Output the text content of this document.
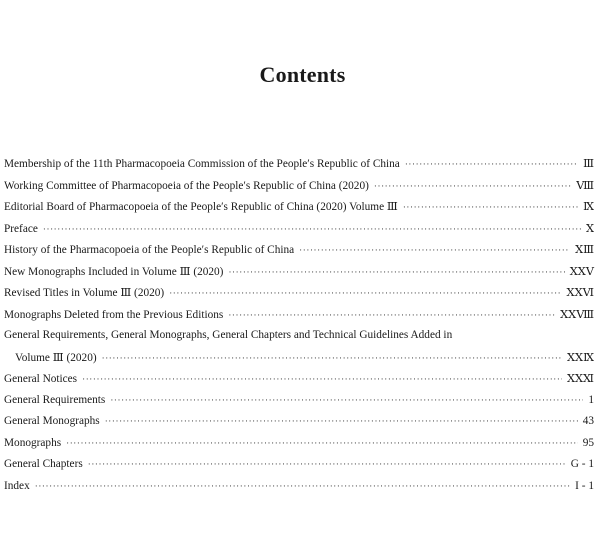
Contents
Membership of the 11th Pharmacopoeia Commission of the People′s Republic of China ·····	Ⅲ
Working Committee of Pharmacopoeia of the People′s Republic of China (2020) ·····	Ⅷ
Editorial Board of Pharmacopoeia of the People′s Republic of China (2020) Volume Ⅲ ·····	Ⅸ
Preface ·····	Ⅹ
History of the Pharmacopoeia of the People′s Republic of China ·····	ⅩⅢ
New Monographs Included in Volume Ⅲ (2020) ·····	ⅩⅩⅤ
Revised Titles in Volume Ⅲ (2020) ·····	ⅩⅩⅥ
Monographs Deleted from the Previous Editions ·····	ⅩⅩⅧ
General Requirements, General Monographs, General Chapters and Technical Guidelines Added in
Volume Ⅲ (2020) ·····	ⅩⅩⅨ
General Notices ·····	ⅩⅩⅪ
General Requirements ·····	1
General Monographs ·····	43
Monographs ·····	95
General Chapters ·····	G - 1
Index ·····	I - 1
